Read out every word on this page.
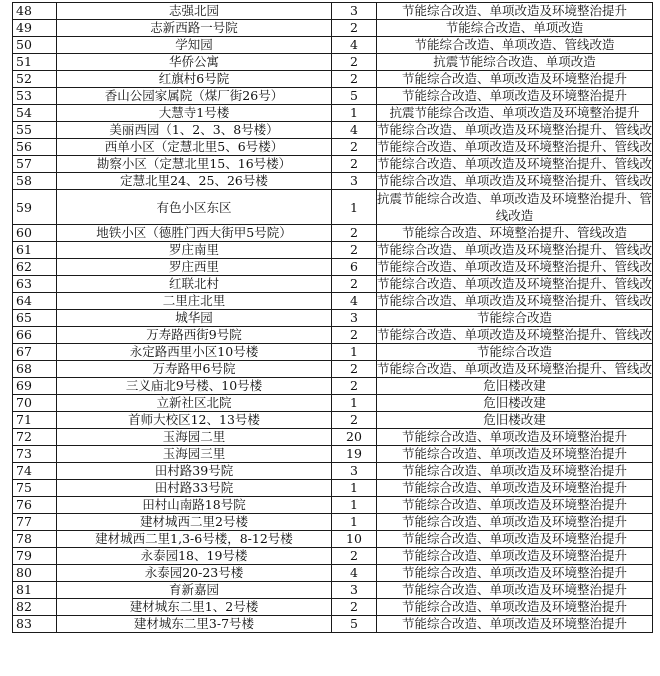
48	志强北园	3	节能综合改造、单项改造及环境整治提升
49	志新西路一号院	2	节能综合改造、单项改造
50	学知园	4	节能综合改造、单项改造、管线改造
51	华侨公寓	2	抗震节能综合改造、单项改造
52	红旗村6号院	2	节能综合改造、单项改造及环境整治提升
53	香山公园家属院（煤厂街26号）	5	节能综合改造、单项改造及环境整治提升
54	大慧寺1号楼	1	抗震节能综合改造、单项改造及环境整治提升
55	美丽西园（1、2、3、8号楼）	4	节能综合改造、单项改造及环境整治提升、管线改
56	西单小区（定慧北里5、6号楼）	2	节能综合改造、单项改造及环境整治提升、管线改
57	勘察小区（定慧北里15、16号楼）	2	节能综合改造、单项改造及环境整治提升、管线改
58	定慧北里24、25、26号楼	3	节能综合改造、单项改造及环境整治提升、管线改
59	有色小区东区	1	抗震节能综合改造、单项改造及环境整治提升、管线改造
60	地铁小区（德胜门西大街甲5号院）	2	节能综合改造、环境整治提升、管线改造
61	罗庄南里	2	节能综合改造、单项改造及环境整治提升、管线改
62	罗庄西里	6	节能综合改造、单项改造及环境整治提升、管线改
63	红联北村	2	节能综合改造、单项改造及环境整治提升、管线改
64	二里庄北里	4	节能综合改造、单项改造及环境整治提升、管线改
65	城华园	3	节能综合改造
66	万寿路西街9号院	2	节能综合改造、单项改造及环境整治提升、管线改
67	永定路西里小区10号楼	1	节能综合改造
68	万寿路甲6号院	2	节能综合改造、单项改造及环境整治提升、管线改
69	三义庙北9号楼、10号楼	2	危旧楼改建
70	立新社区北院	1	危旧楼改建
71	首师大校区12、13号楼	2	危旧楼改建
72	玉海园二里	20	节能综合改造、单项改造及环境整治提升
73	玉海园三里	19	节能综合改造、单项改造及环境整治提升
74	田村路39号院	3	节能综合改造、单项改造及环境整治提升
75	田村路33号院	1	节能综合改造、单项改造及环境整治提升
76	田村山南路18号院	1	节能综合改造、单项改造及环境整治提升
77	建材城西二里2号楼	1	节能综合改造、单项改造及环境整治提升
78	建材城西二里1,3-6号楼，8-12号楼	10	节能综合改造、单项改造及环境整治提升
79	永泰园18、19号楼	2	节能综合改造、单项改造及环境整治提升
80	永泰园20-23号楼	4	节能综合改造、单项改造及环境整治提升
81	育新嘉园	3	节能综合改造、单项改造及环境整治提升
82	建材城东二里1、2号楼	2	节能综合改造、单项改造及环境整治提升
83	建材城东二里3-7号楼	5	节能综合改造、单项改造及环境整治提升
